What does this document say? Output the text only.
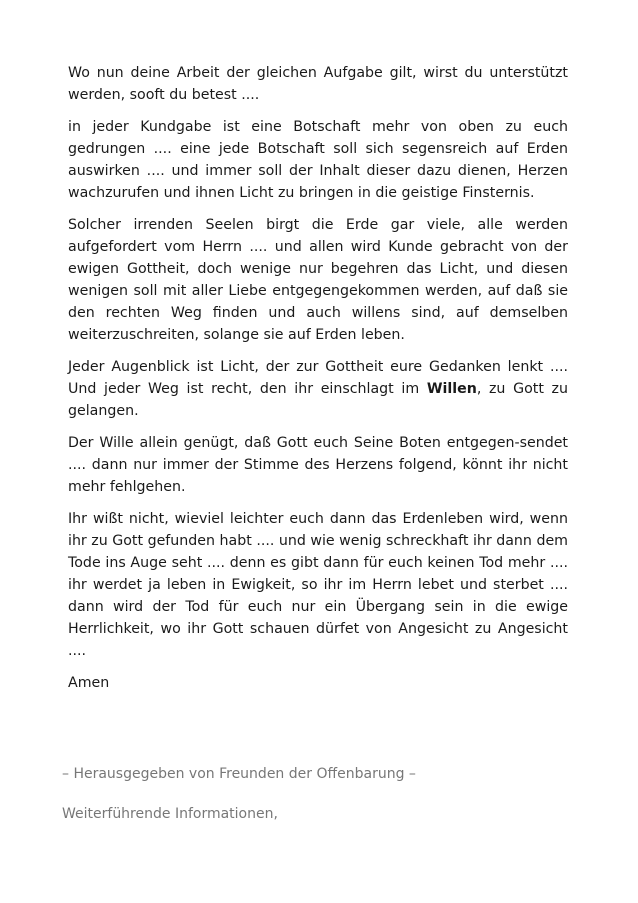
Wo nun deine Arbeit der gleichen Aufgabe gilt, wirst du unterstützt werden, sooft du betest ....

in jeder Kundgabe ist eine Botschaft mehr von oben zu euch gedrungen .... eine jede Botschaft soll sich segensreich auf Erden auswirken .... und immer soll der Inhalt dieser dazu dienen, Herzen wachzurufen und ihnen Licht zu bringen in die geistige Finsternis.

Solcher irrenden Seelen birgt die Erde gar viele, alle werden aufgefordert vom Herrn .... und allen wird Kunde gebracht von der ewigen Gottheit, doch wenige nur begehren das Licht, und diesen wenigen soll mit aller Liebe entgegengekommen werden, auf daß sie den rechten Weg finden und auch willens sind, auf demselben weiterzuschreiten, solange sie auf Erden leben.

Jeder Augenblick ist Licht, der zur Gottheit eure Gedanken lenkt .... Und jeder Weg ist recht, den ihr einschlagt im Willen, zu Gott zu gelangen.

Der Wille allein genügt, daß Gott euch Seine Boten entgegen-sendet .... dann nur immer der Stimme des Herzens folgend, könnt ihr nicht mehr fehlgehen.

Ihr wißt nicht, wieviel leichter euch dann das Erdenleben wird, wenn ihr zu Gott gefunden habt .... und wie wenig schreckhaft ihr dann dem Tode ins Auge seht .... denn es gibt dann für euch keinen Tod mehr .... ihr werdet ja leben in Ewigkeit, so ihr im Herrn lebet und sterbet .... dann wird der Tod für euch nur ein Übergang sein in die ewige Herrlichkeit, wo ihr Gott schauen dürfet von Angesicht zu Angesicht ....

Amen

– Herausgegeben von Freunden der Offenbarung –
Weiterführende Informationen,
